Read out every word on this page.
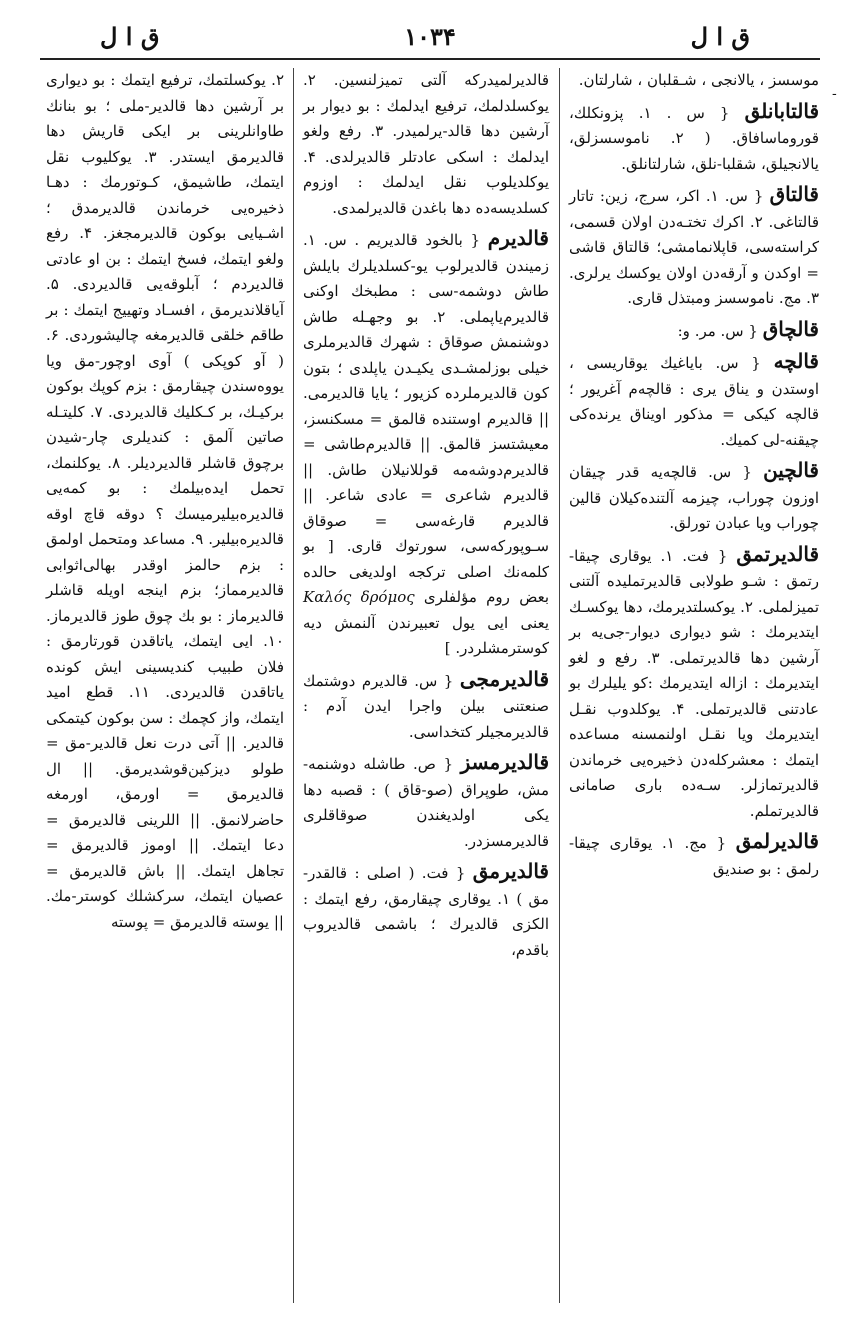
ق ا ل	۱۰۳۴	ق ا ل
-
موسسز ، یالانجی ، شـقلبان ، شارلتان.
قالتابانلق { س . ۱. پزونکلك، قوروماسافاق. ( ۲. ناموسسزلق، يالانجيلق، شقلبا-نلق، شارلتانلق.
قالتاق { س. ۱. اکر، سرج، زین: تاتار قالتاغی. ۲. اکرك تختـه‌دن اولان قسمی، کراسته‌سی، قاپلانمامشی؛ قالتاق قاشی = اوکدن و آرقه‌دن اولان یوکسك یرلری. ۳. مج. ناموسسز ومبتذل قاری.
قالچاق { س. مر. و:
قالچه { س. بایاغیك یوقاریسی ، اوستدن و یناق یری : قالچه‌م آغریور ؛ قالچه کیکی = مذکور اویناق یرنده‌کی چیقنه-لی کمیك.
قالچین { س. قالچه‌یه قدر چیقان اوزون چوراب، چیزمه آلتنده‌کیلان قالین چوراب ویا عبادن تورلق.
قالديرتمق { فت. ۱. یوقاری چیقا-رتمق : شـو طولابی قالديرتمليده آلتنی تمیزلملی. ۲. یوکسلتدیرمك، دها یوکسـك ایتدیرمك : شو دیواری دیوار-جی‌یه بر آرشین دها قالديرتملی. ۳. رفع و لغو ایتدیرمك : ازاله ایتدیرمك :کو یلیلرك بو عادتنی قالدیرتملی. ۴. یوکلدوب نقـل ایتدیرمك ویا نقـل اولنمسنه مساعده ایتمك : معشرکله‌دن ذخیره‌یی خرماندن قالديرتمازلر. سـه‌ده باری صامانی قالديرتملم.
قالديرلمق { مج. ۱. یوقاری چیقا-رلمق : بو صندیق
قالديرلميدرکه آلتی تمیزلنسین. ۲. یوکسلدلمك، ترفیع ایدلمك : بو دیوار بر آرشین دها قالد-یرلمیدر. ۳. رفع ولغو ایدلمك : اسکی عادتلر قالدیرلدی. ۴. یوکلدیلوب نقل ایدلمك : اوزوم کسلدیسه‌ده دها باغدن قالديرلمدی.
قالدیرم { بالخود قالدیریم . س. ۱. زمیندن قالديرلوب يو-کسلدیلرك بایلش طاش دوشمه-سی : مطبخك اوکنی قالديرم‌یاپملی. ۲. بو وجهـله طاش دوشنمش صوقاق : شهرك قالديرملری خیلی بوزلمشـدی یکیـدن یاپلدی ؛ بتون کون قالديرملرده کزیور ؛ یایا قالديرمی. || قالديرم اوستنده قالمق = مسکنسز، معیشتسز قالمق. || قالديرم‌طاشی = قالديرم‌دوشه‌مه قوللانیلان طاش. || قالديرم شاعری = عادی شاعر. || قالديرم قارغه‌سی = صوقاق سـوپورکه‌سی، سورتوك قاری. [ بو کلمه‌نك اصلی ترکجه اولدیغی حالده بعض روم مؤلفلری Καλός δρόμος یعنی ایی یول تعبیرندن آلنمش دیه کوسترمشلردر. ]
قالديرمجی { س. قالديرم دوشتمك صنعتنی بیلن واجرا ایدن آدم : قالديرمجیلر کتخداسی.
قالدیرمسز { ص. طاشله دوشنمه-مش، طوپراق (صو-قاق ) : قصبه دها یکی اولدیغندن صوقاقلری قالديرمسزدر.
قالديرمق { فت. ( اصلی : قالقدر-مق ) ۱. یوقاری چیقارمق، رفع ایتمك : الکزی قالديرك ؛ باشمی قالديروب باقدم،
۲. یوکسلتمك، ترفیع ایتمك : بو دیواری بر آرشین دها قالدیر-ملی ؛ بو بنانك طاوانلرینی بر ایکی قاریش دها قالديرمق ایستدر. ۳. یوکلیوب نقل ایتمك، طاشیمق، کـوتورمك : دهـا ذخیره‌یی خرماندن قالديرمدق ؛ اشـیایی بوکون قالديرمجغز. ۴. رفع ولغو ایتمك، فسخ ایتمك : بن او عادتی قالديردم ؛ آبلوقه‌یی قالديردی. ۵. آیاقلاندیرمق ، افسـاد وتهییج ایتمك : بر طاقم خلقی قالديرمغه چالیشوردی. ۶. ( آو کوپکی ) آوی اوچور-مق ویا یووه‌سندن چیقارمق : بزم کوپك بوکون برکیـك، بر کـکلیك قالديردی. ۷. کلیتـله صاتین آلمق : کندیلری چار-شیدن برچوق قاشلر قالديرديلر. ۸. یوکلنمك، تحمل ایده‌بیلمك : بو کمه‌یی قالديره‌بیلیرمیسك ؟ دوقه قاچ اوقه قالديره‌بیلیر. ۹. مساعد ومتحمل اولمق : بزم حالمز اوقدر بهالی‌اثوابی قالديرمماز؛ بزم اینجه اویله قاشلر قالديرماز : بو بك چوق طوز قالديرماز. ۱۰. ایی ایتمك، یاتاقدن قورتارمق : فلان طبیب کندیسینی ایش کونده یاتاقدن قالديردی. ۱۱. قطع امید ایتمك، واز کچمك : سن بوکون کیتمکی قالدیر. || آتی درت نعل قالدير-مق = طولو دیزکین‌قوشدیرمق. || ال قالديرمق = اورمق، اورمغه حاضرلانمق. || اللرینی قالديرمق = دعا ایتمك. || اوموز قالديرمق = تجاهل ایتمك. || باش قالديرمق = عصیان ایتمك، سرکشلك کوستر-مك. || یوسته قالديرمق = پوسته
